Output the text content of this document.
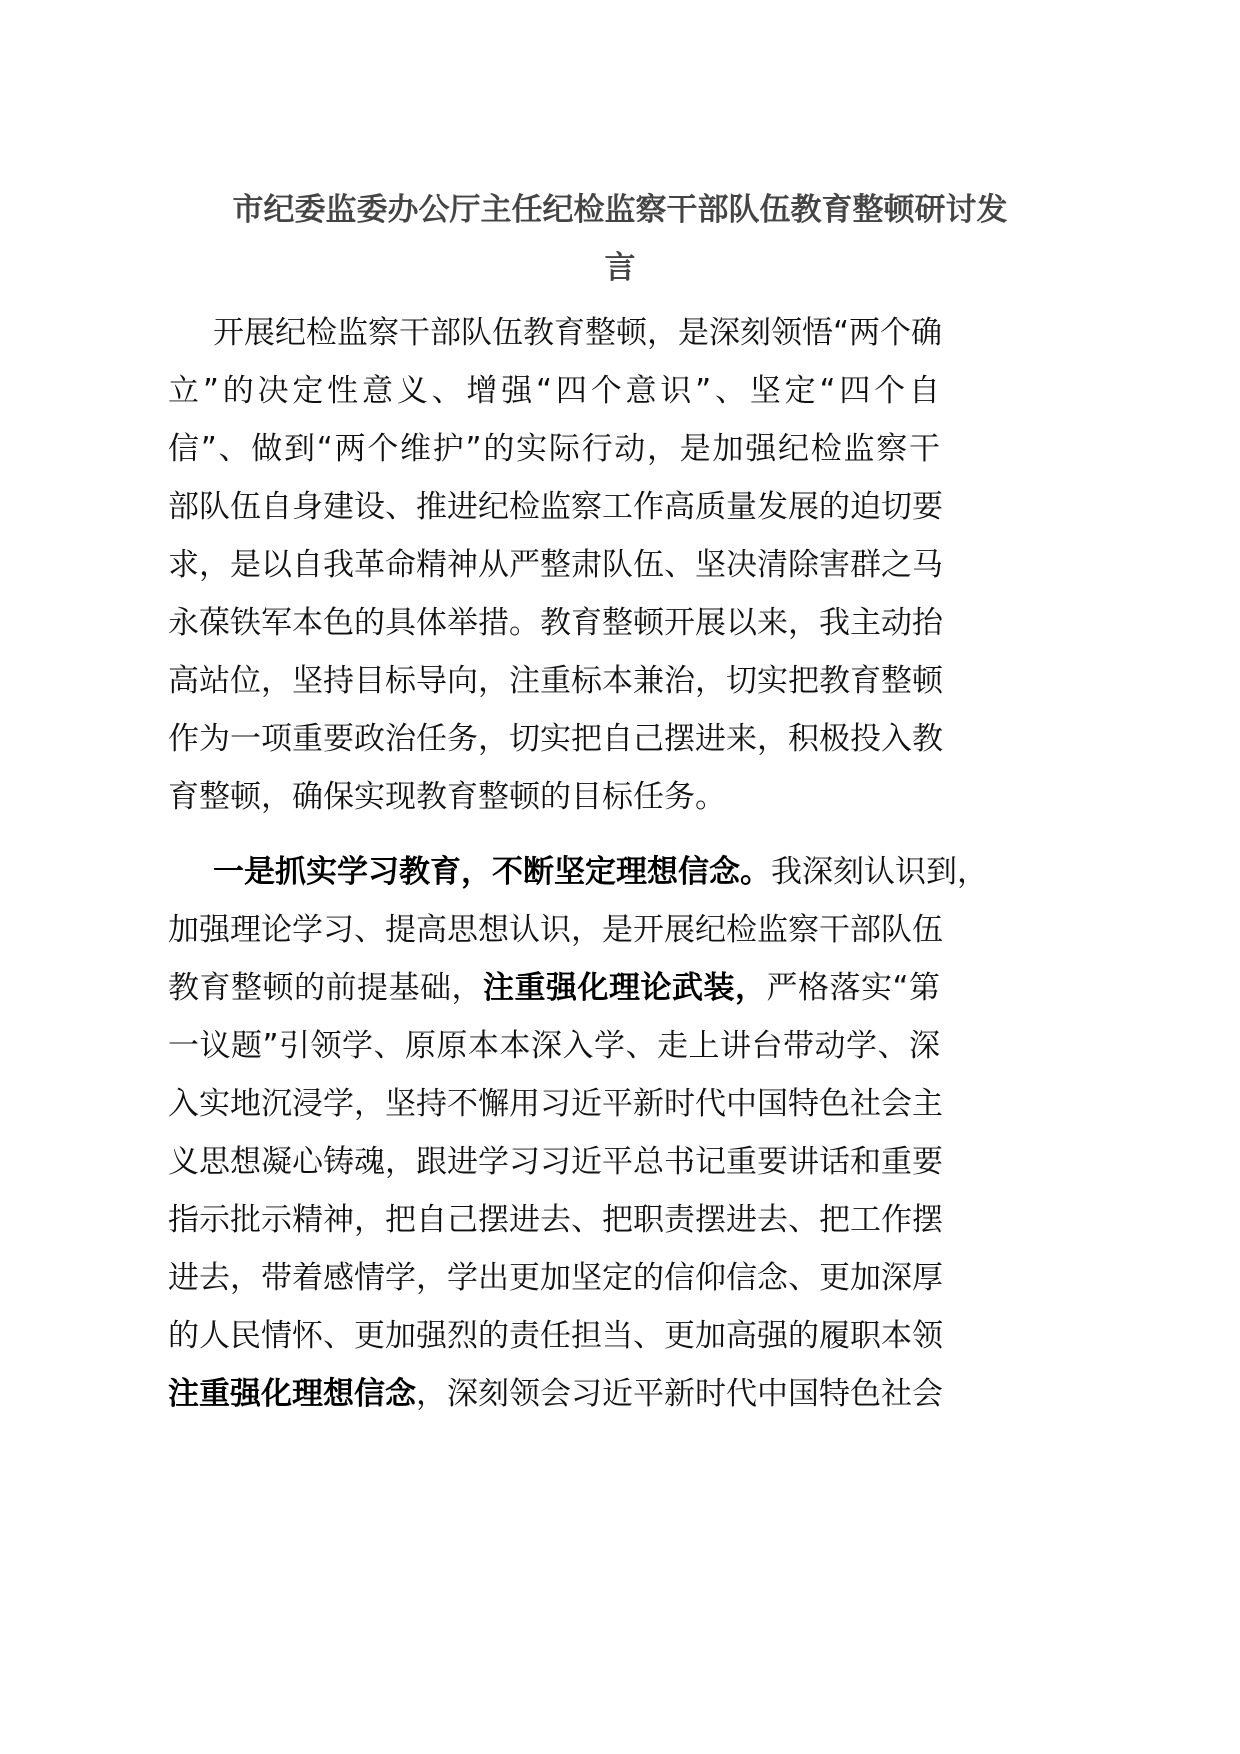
市纪委监委办公厅主任纪检监察干部队伍教育整顿研讨发
言
开展纪检监察干部队伍教育整顿，是深刻领悟“两个确
立”的决定性意义、增强“四个意识”、坚定“四个自
信”、做到“两个维护”的实际行动，是加强纪检监察干
部队伍自身建设、推进纪检监察工作高质量发展的迫切要
求，是以自我革命精神从严整肃队伍、坚决清除害群之马
永葆铁军本色的具体举措。教育整顿开展以来，我主动抬
高站位，坚持目标导向，注重标本兼治，切实把教育整顿
作为一项重要政治任务，切实把自己摆进来，积极投入教
育整顿，确保实现教育整顿的目标任务。
一是抓实学习教育，不断坚定理想信念。我深刻认识到，
加强理论学习、提高思想认识，是开展纪检监察干部队伍
教育整顿的前提基础，注重强化理论武装，严格落实“第
一议题”引领学、原原本本深入学、走上讲台带动学、深
入实地沉浸学，坚持不懈用习近平新时代中国特色社会主
义思想凝心铸魂，跟进学习习近平总书记重要讲话和重要
指示批示精神，把自己摆进去、把职责摆进去、把工作摆
进去，带着感情学，学出更加坚定的信仰信念、更加深厚
的人民情怀、更加强烈的责任担当、更加高强的履职本领
注重强化理想信念，深刻领会习近平新时代中国特色社会
